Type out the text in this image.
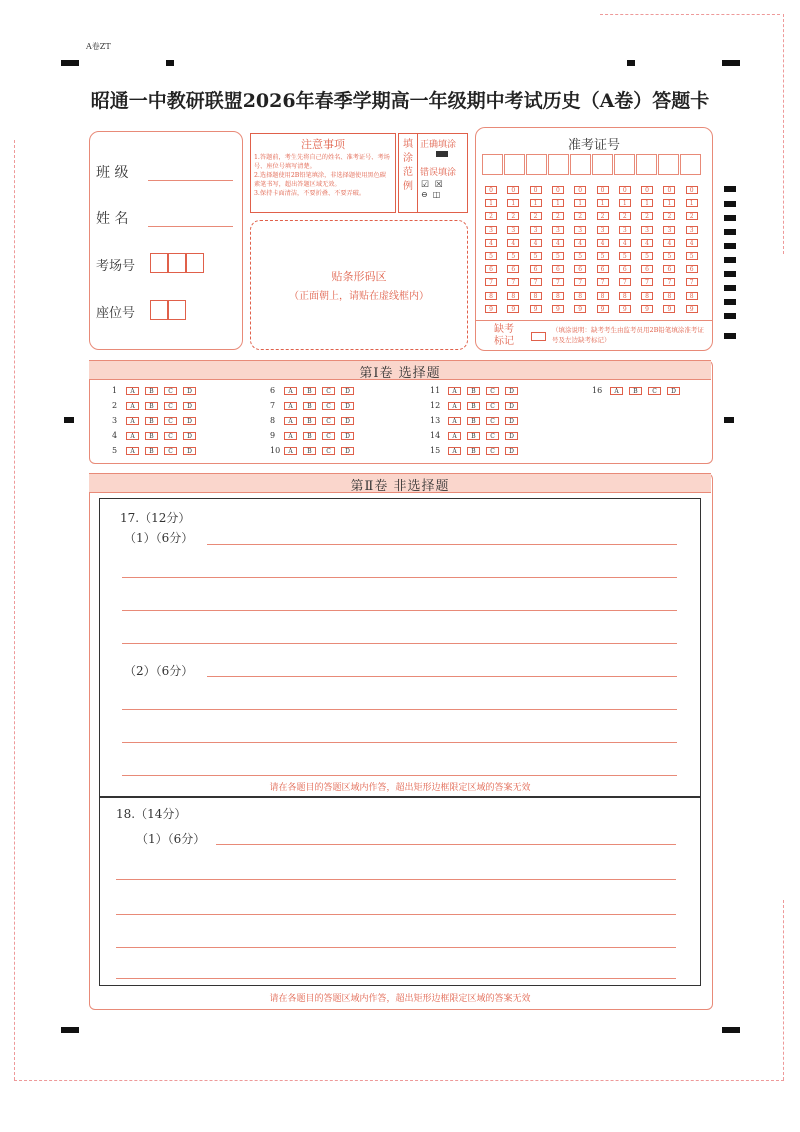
A卷ZT
昭通一中教研联盟2026年春季学期高一年级期中考试历史（A卷）答题卡
班 级
姓 名
考场号
座位号
注意事项
1.答题前，考生先将自己的姓名、准考证号、考场号、座位号填写清楚。
2.选择题使用2B铅笔填涂，非选择题使用黑色碳素笔书写，超出答题区域无效。
3.保持卡面清洁，不要折叠、不要弄破。
填
涂
范
例
正确填涂
错误填涂
☑  ☒
⊖  ◫
贴条形码区
（正面朝上，请贴在虚线框内）
准考证号
0	0	0	0	0	0	0	0	0	0
1	1	1	1	1	1	1	1	1	1
2	2	2	2	2	2	2	2	2	2
3	3	3	3	3	3	3	3	3	3
4	4	4	4	4	4	4	4	4	4
5	5	5	5	5	5	5	5	5	5
6	6	6	6	6	6	6	6	6	6
7	7	7	7	7	7	7	7	7	7
8	8	8	8	8	8	8	8	8	8
9	9	9	9	9	9	9	9	9	9
缺考
标记
（填涂说明：缺考考生由监考员用2B铅笔填涂准考证号及左边缺考标记）
第Ⅰ卷 选择题
1 A B C D
2 A B C D
3 A B C D
4 A B C D
5 A B C D
6 A B C D
7 A B C D
8 A B C D
9 A B C D
10 A B C D
11 A B C D
12 A B C D
13 A B C D
14 A B C D
15 A B C D
16 A B C D
第Ⅱ卷 非选择题
17.（12分）
（1）（6分）
（2）（6分）
请在各题目的答题区域内作答，超出矩形边框限定区域的答案无效
18.（14分）
（1）（6分）
请在各题目的答题区域内作答，超出矩形边框限定区域的答案无效
